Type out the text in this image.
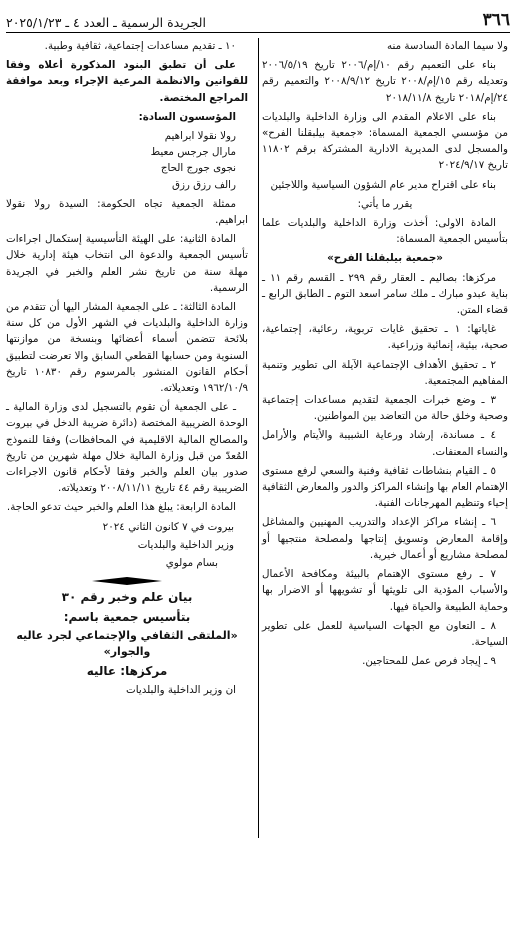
٣٦٦
الجريدة الرسمية ـ العدد ٤ ـ ٢٠٢٥/١/٢٣

ولا سيما المادة السادسة منه

بناء على التعميم رقم ١٠/إم/٢٠٠٦ تاريخ ٢٠٠٦/٥/١٩ وتعديله رقم ١٥/إم/٢٠٠٨ تاريخ ٢٠٠٨/٩/١٢ والتعميم رقم ٢٤/إم/٢٠١٨ تاريخ ٢٠١٨/١١/٨

بناء على الاعلام المقدم الى وزارة الداخلية والبلديات من مؤسسي الجمعية المسماة: «جمعية بيلبقلنا الفرح» والمسجل لدى المديرية الادارية المشتركة برقم ١١٨٠٢ تاريخ ٢٠٢٤/٩/١٧

بناء على اقتراح مدير عام الشؤون السياسية واللاجئين

يقرر ما يأتي:

المادة الاولى: أخذت وزارة الداخلية والبلديات علما بتأسيس الجمعية المسماة:

«جمعية بيلبقلنا الفرح»

مركزها: بصاليم ـ العقار رقم ٢٩٩ ـ القسم رقم ١١ ـ بناية عبدو مبارك ـ ملك سامر اسعد التوم ـ الطابق الرابع ـ قضاء المتن.

غاياتها: ١ ـ تحقيق غايات تربوية، رعائية، إجتماعية، صحية، بيئية، إنمائية وزراعية.

٢ ـ تحقيق الأهداف الإجتماعية الآيلة الى تطوير وتنمية المفاهيم المجتمعية.

٣ ـ وضع خبرات الجمعية لتقديم مساعدات إجتماعية وصحية وخلق حالة من التعاضد بين المواطنين.

٤ ـ مساندة، إرشاد ورعاية الشبيبة والأيتام والأرامل والنساء المعنفات.

٥ ـ القيام بنشاطات ثقافية وفنية والسعي لرفع مستوى الإهتمام العام بها وإنشاء المراكز والدور والمعارض الثقافية إحياء وتنظيم المهرجانات الفنية.

٦ ـ إنشاء مراكز الإعداد والتدريب المهنيين والمشاغل وإقامة المعارض وتسويق إنتاجها ولمصلحة منتجيها أو لمصلحة مشاريع أو أعمال خيرية.

٧ ـ رفع مستوى الإهتمام بالبيئة ومكافحة الأعمال والأسباب المؤدية الى تلويثها أو تشويهها أو الاضرار بها وحماية الطبيعة والحياة فيها.

٨ ـ التعاون مع الجهات السياسية للعمل على تطوير السياحة.

٩ ـ إيجاد فرص عمل للمحتاجين.

١٠ ـ تقديم مساعدات إجتماعية، ثقافية وطبية.

على أن تطبق البنود المذكورة أعلاه وفقا للقوانين والانظمة المرعية الإجراء وبعد موافقة المراجع المختصة.

المؤسسون السادة:

رولا نقولا ابراهيم
مارال جرجس معيط
نجوى جورج الحاج
رالف رزق رزق

ممثلة الجمعية تجاه الحكومة: السيدة رولا نقولا ابراهيم.

المادة الثانية: على الهيئة التأسيسية إستكمال اجراءات تأسيس الجمعية والدعوة الى انتخاب هيئة إدارية خلال مهلة سنة من تاريخ نشر العلم والخبر في الجريدة الرسمية.

المادة الثالثة: ـ على الجمعية المشار اليها أن تتقدم من وزارة الداخلية والبلديات في الشهر الأول من كل سنة بلائحة تتضمن أسماء أعضائها وبنسخة من موازنتها السنوية ومن حسابها القطعي السابق والا تعرضت لتطبيق أحكام القانون المنشور بالمرسوم رقم ١٠٨٣٠ تاريخ ١٩٦٢/١٠/٩ وتعديلاته.

ـ على الجمعية أن تقوم بالتسجيل لدى وزارة المالية ـ الوحدة الضريبية المختصة (دائرة ضريبة الدخل في بيروت والمصالح المالية الاقليمية في المحافظات) وفقا للنموذج المُعدّ من قبل وزارة المالية خلال مهلة شهرين من تاريخ صدور بيان العلم والخبر وفقا لأحكام قانون الاجراءات الضريبية رقم ٤٤ تاريخ ٢٠٠٨/١١/١١ وتعديلاته.

المادة الرابعة: يبلغ هذا العلم والخبر حيث تدعو الحاجة.

بيروت في ٧ كانون الثاني ٢٠٢٤

وزير الداخلية والبلديات

بسام مولوي

بيان علم وخبر رقم ٣٠

بتأسيس جمعية باسم:

«الملتقى الثقافي والإجتماعي لجرد عاليه والجوار»

مركزها: عاليه

ان وزير الداخلية والبلديات
